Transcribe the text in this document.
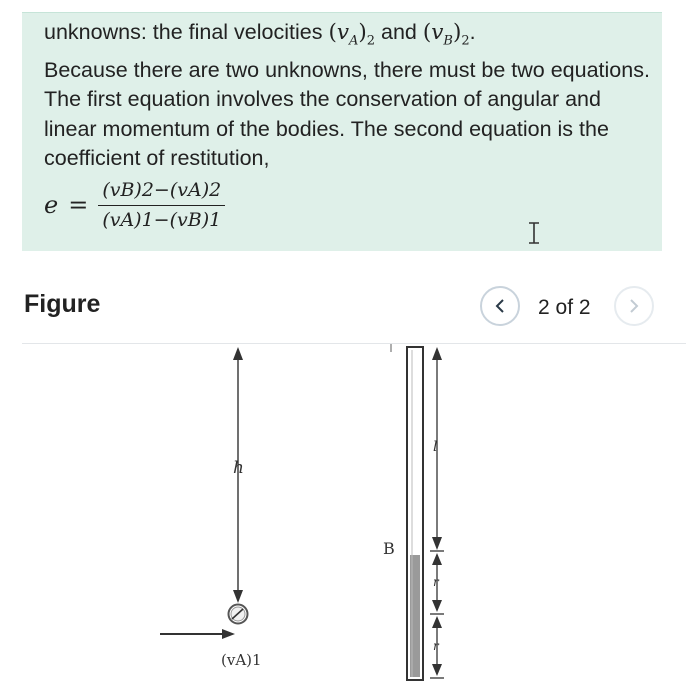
unknowns: the final velocities $(v_A)_2$ and $(v_B)_2$.
Because there are two unknowns, there must be two equations. The first equation involves the conservation of angular and linear momentum of the bodies. The second equation is the coefficient of restitution,
$e = \frac{(vB)2-(vA)2}{(vA)1-(vB)1}$
Figure	2 of 2
h
(vA)1
B
l
r
r
